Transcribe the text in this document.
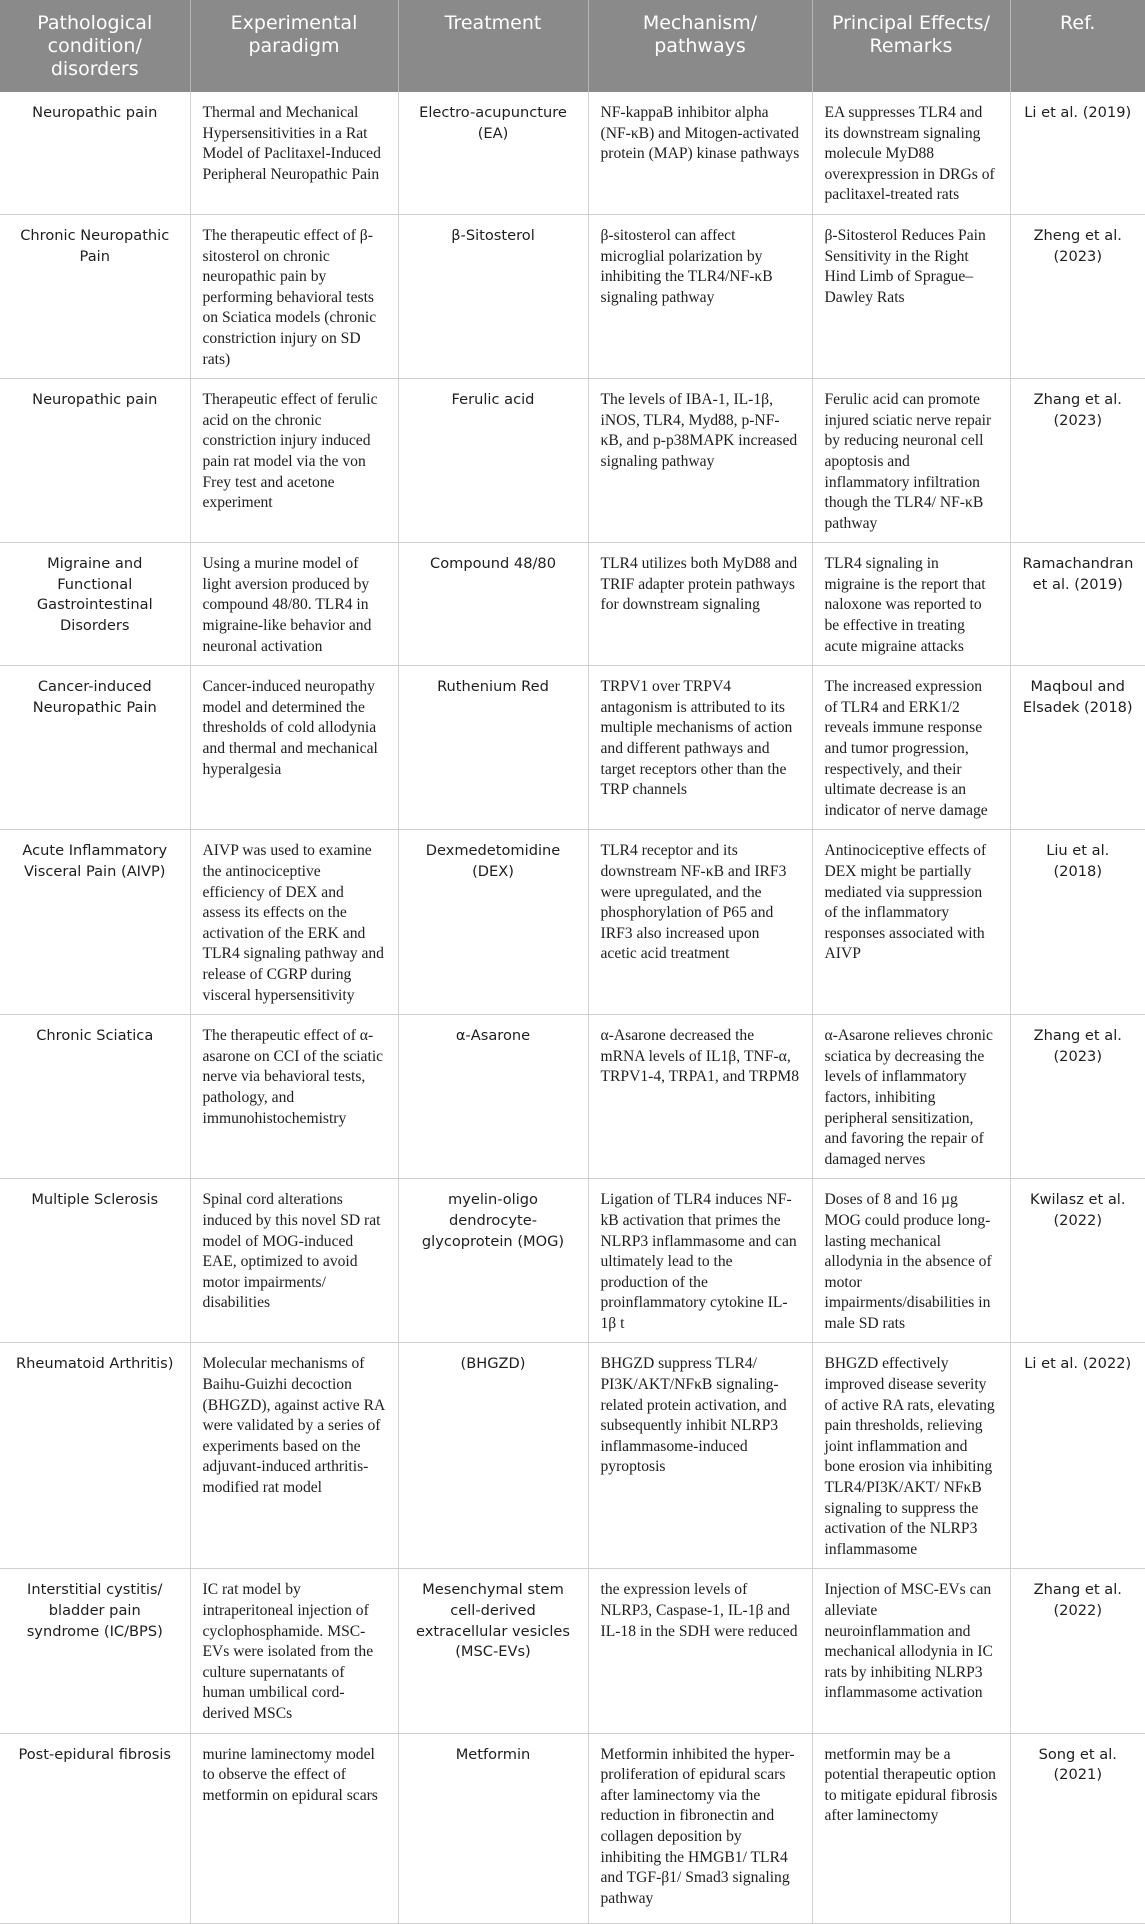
Pathological condition/ disorders	Experimental paradigm	Treatment	Mechanism/ pathways	Principal Effects/ Remarks	Ref.
Neuropathic pain	Thermal and Mechanical Hypersensitivities in a Rat Model of Paclitaxel-Induced Peripheral Neuropathic Pain	Electro-acupuncture (EA)	NF-kappaB inhibitor alpha (NF-κB) and Mitogen-activated protein (MAP) kinase pathways	EA suppresses TLR4 and its downstream signaling molecule MyD88 overexpression in DRGs of paclitaxel-treated rats	Li et al. (2019)
Chronic Neuropathic Pain	The therapeutic effect of β-sitosterol on chronic neuropathic pain by performing behavioral tests on Sciatica models (chronic constriction injury on SD rats)	β-Sitosterol	β-sitosterol can affect microglial polarization by inhibiting the TLR4/NF-κB signaling pathway	β-Sitosterol Reduces Pain Sensitivity in the Right Hind Limb of Sprague–Dawley Rats	Zheng et al. (2023)
Neuropathic pain	Therapeutic effect of ferulic acid on the chronic constriction injury induced pain rat model via the von Frey test and acetone experiment	Ferulic acid	The levels of IBA-1, IL-1β, iNOS, TLR4, Myd88, p-NF-κB, and p-p38MAPK increased signaling pathway	Ferulic acid can promote injured sciatic nerve repair by reducing neuronal cell apoptosis and inflammatory infiltration though the TLR4/ NF-κB pathway	Zhang et al. (2023)
Migraine and Functional Gastrointestinal Disorders	Using a murine model of light aversion produced by compound 48/80. TLR4 in migraine-like behavior and neuronal activation	Compound 48/80	TLR4 utilizes both MyD88 and TRIF adapter protein pathways for downstream signaling	TLR4 signaling in migraine is the report that naloxone was reported to be effective in treating acute migraine attacks	Ramachandran et al. (2019)
Cancer-induced Neuropathic Pain	Cancer-induced neuropathy model and determined the thresholds of cold allodynia and thermal and mechanical hyperalgesia	Ruthenium Red	TRPV1 over TRPV4 antagonism is attributed to its multiple mechanisms of action and different pathways and target receptors other than the TRP channels	The increased expression of TLR4 and ERK1/2 reveals immune response and tumor progression, respectively, and their ultimate decrease is an indicator of nerve damage	Maqboul and Elsadek (2018)
Acute Inflammatory Visceral Pain (AIVP)	AIVP was used to examine the antinociceptive efficiency of DEX and assess its effects on the activation of the ERK and TLR4 signaling pathway and release of CGRP during visceral hypersensitivity	Dexmedetomidine (DEX)	TLR4 receptor and its downstream NF-κB and IRF3 were upregulated, and the phosphorylation of P65 and IRF3 also increased upon acetic acid treatment	Antinociceptive effects of DEX might be partially mediated via suppression of the inflammatory responses associated with AIVP	Liu et al. (2018)
Chronic Sciatica	The therapeutic effect of α-asarone on CCI of the sciatic nerve via behavioral tests, pathology, and immunohistochemistry	α-Asarone	α-Asarone decreased the mRNA levels of IL1β, TNF-α, TRPV1-4, TRPA1, and TRPM8	α-Asarone relieves chronic sciatica by decreasing the levels of inflammatory factors, inhibiting peripheral sensitization, and favoring the repair of damaged nerves	Zhang et al. (2023)
Multiple Sclerosis	Spinal cord alterations induced by this novel SD rat model of MOG-induced EAE, optimized to avoid motor impairments/ disabilities	myelin-oligo dendrocyte-glycoprotein (MOG)	Ligation of TLR4 induces NF-kB activation that primes the NLRP3 inflammasome and can ultimately lead to the production of the proinflammatory cytokine IL-1β t	Doses of 8 and 16 µg MOG could produce long-lasting mechanical allodynia in the absence of motor impairments/disabilities in male SD rats	Kwilasz et al. (2022)
Rheumatoid Arthritis)	Molecular mechanisms of Baihu-Guizhi decoction (BHGZD), against active RA were validated by a series of experiments based on the adjuvant-induced arthritis-modified rat model	(BHGZD)	BHGZD suppress TLR4/ PI3K/AKT/NFκB signaling-related protein activation, and subsequently inhibit NLRP3 inflammasome-induced pyroptosis	BHGZD effectively improved disease severity of active RA rats, elevating pain thresholds, relieving joint inflammation and bone erosion via inhibiting TLR4/PI3K/AKT/ NFκB signaling to suppress the activation of the NLRP3 inflammasome	Li et al. (2022)
Interstitial cystitis/ bladder pain syndrome (IC/BPS)	IC rat model by intraperitoneal injection of cyclophosphamide. MSC-EVs were isolated from the culture supernatants of human umbilical cord-derived MSCs	Mesenchymal stem cell-derived extracellular vesicles (MSC-EVs)	the expression levels of NLRP3, Caspase-1, IL-1β and IL-18 in the SDH were reduced	Injection of MSC-EVs can alleviate neuroinflammation and mechanical allodynia in IC rats by inhibiting NLRP3 inflammasome activation	Zhang et al. (2022)
Post-epidural fibrosis	murine laminectomy model to observe the effect of metformin on epidural scars	Metformin	Metformin inhibited the hyper-proliferation of epidural scars after laminectomy via the reduction in fibronectin and collagen deposition by inhibiting the HMGB1/ TLR4 and TGF-β1/ Smad3 signaling pathway	metformin may be a potential therapeutic option to mitigate epidural fibrosis after laminectomy	Song et al. (2021)
